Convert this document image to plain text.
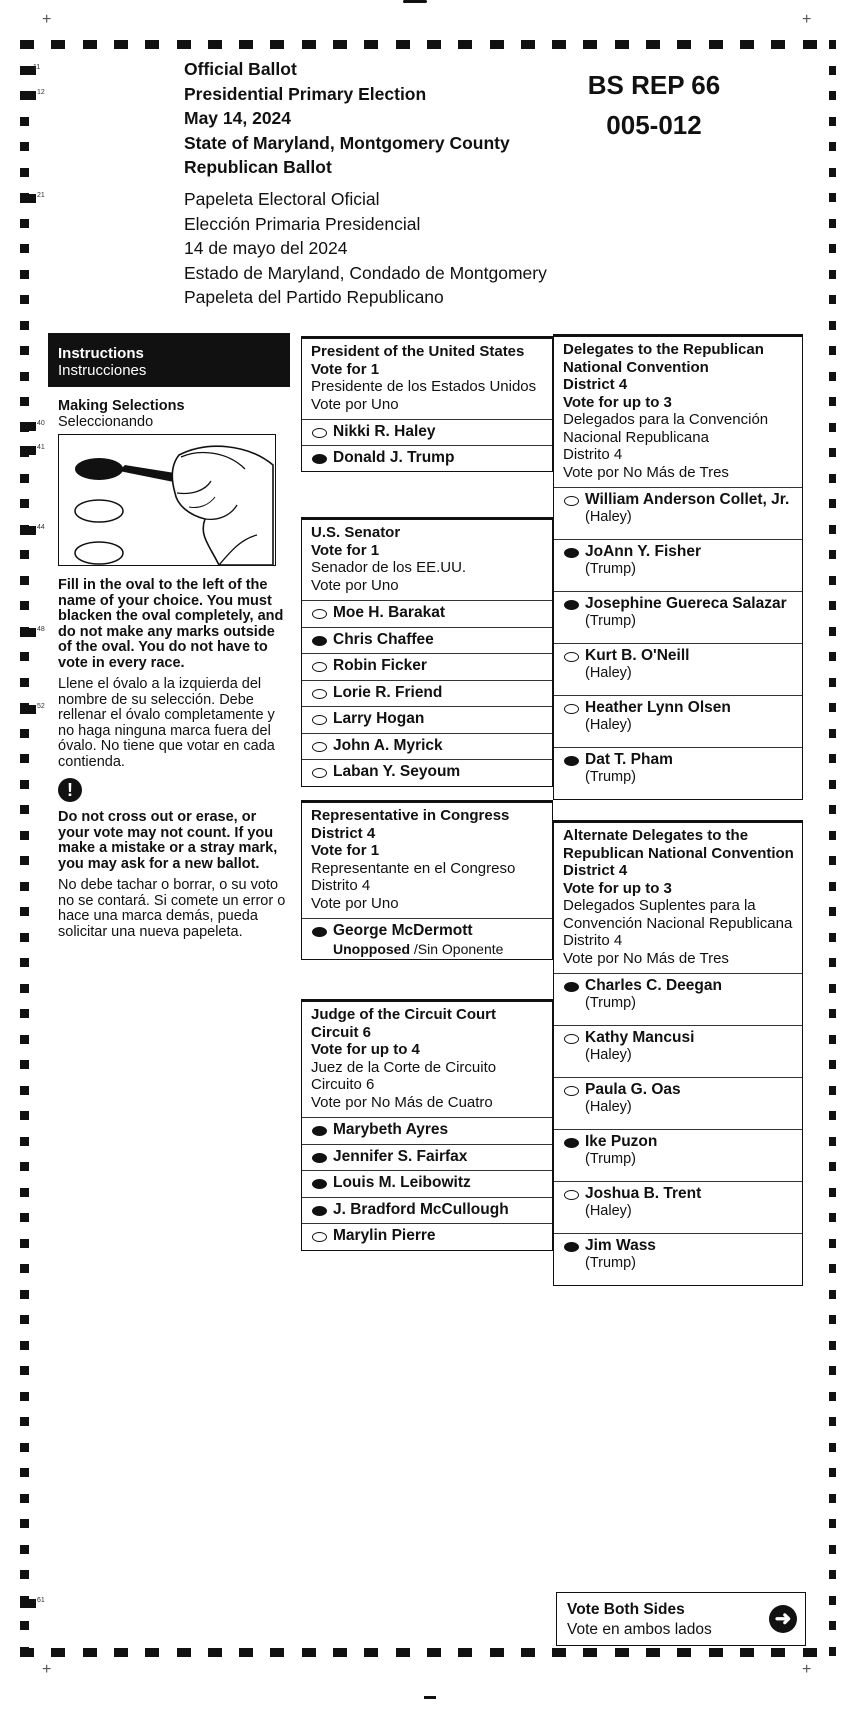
+	+
+	+
11
12
21
40
41
44
48
52
61
Official Ballot
Presidential Primary Election
May 14, 2024
State of Maryland, Montgomery County
Republican Ballot
Papeleta Electoral Oficial
Elección Primaria Presidencial
14 de mayo del 2024
Estado de Maryland, Condado de Montgomery
Papeleta del Partido Republicano
BS REP 66
005-012
Instructions
Instrucciones
Making Selections
Seleccionando
Fill in the oval to the left of the name of your choice. You must blacken the oval completely, and do not make any marks outside of the oval. You do not have to vote in every race.
Llene el óvalo a la izquierda del nombre de su selección. Debe rellenar el óvalo completamente y no haga ninguna marca fuera del óvalo. No tiene que votar en cada contienda.
!
Do not cross out or erase, or your vote may not count. If you make a mistake or a stray mark, you may ask for a new ballot.
No debe tachar o borrar, o su voto no se contará. Si comete un error o hace una marca demás, pueda solicitar una nueva papeleta.
President of the United States
Vote for 1
Presidente de los Estados Unidos
Vote por Uno
Nikki R. Haley
Donald J. Trump
U.S. Senator
Vote for 1
Senador de los EE.UU.
Vote por Uno
Moe H. Barakat
Chris Chaffee
Robin Ficker
Lorie R. Friend
Larry Hogan
John A. Myrick
Laban Y. Seyoum
Representative in Congress
District 4
Vote for 1
Representante en el Congreso
Distrito 4
Vote por Uno
George McDermott
Unopposed /Sin Oponente
Judge of the Circuit Court
Circuit 6
Vote for up to 4
Juez de la Corte de Circuito
Circuito 6
Vote por No Más de Cuatro
Marybeth Ayres
Jennifer S. Fairfax
Louis M. Leibowitz
J. Bradford McCullough
Marylin Pierre
Delegates to the Republican National Convention
District 4
Vote for up to 3
Delegados para la Convención Nacional Republicana
Distrito 4
Vote por No Más de Tres
William Anderson Collet, Jr.
(Haley)
JoAnn Y. Fisher
(Trump)
Josephine Guereca Salazar
(Trump)
Kurt B. O'Neill
(Haley)
Heather Lynn Olsen
(Haley)
Dat T. Pham
(Trump)
Alternate Delegates to the Republican National Convention
District 4
Vote for up to 3
Delegados Suplentes para la Convención Nacional Republicana
Distrito 4
Vote por No Más de Tres
Charles C. Deegan
(Trump)
Kathy Mancusi
(Haley)
Paula G. Oas
(Haley)
Ike Puzon
(Trump)
Joshua B. Trent
(Haley)
Jim Wass
(Trump)
Vote Both Sides
Vote en ambos lados	➜
